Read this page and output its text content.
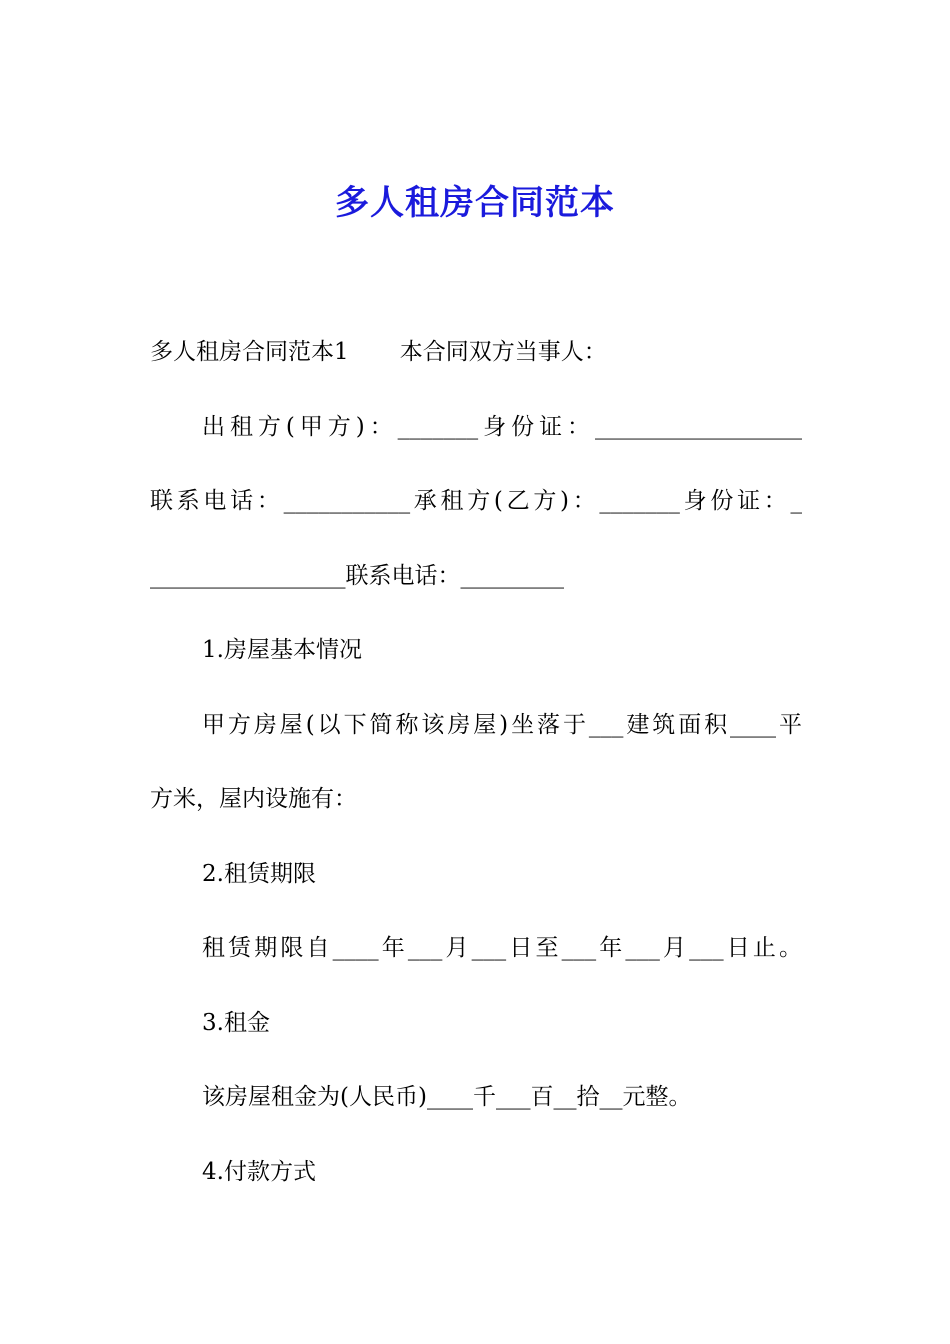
多人租房合同范本
多人租房合同范本1       本合同双方当事人：
出租方(甲方)：_______身份证：__________________
联系电话：___________承租方(乙方)：_______身份证：_
_________________联系电话：_________
1.房屋基本情况
甲方房屋(以下简称该房屋)坐落于___建筑面积____平
方米，屋内设施有：
2.租赁期限
租赁期限自____年___月___日至___年___月___日止。
3.租金
该房屋租金为(人民币)____千___百__拾__元整。
4.付款方式
